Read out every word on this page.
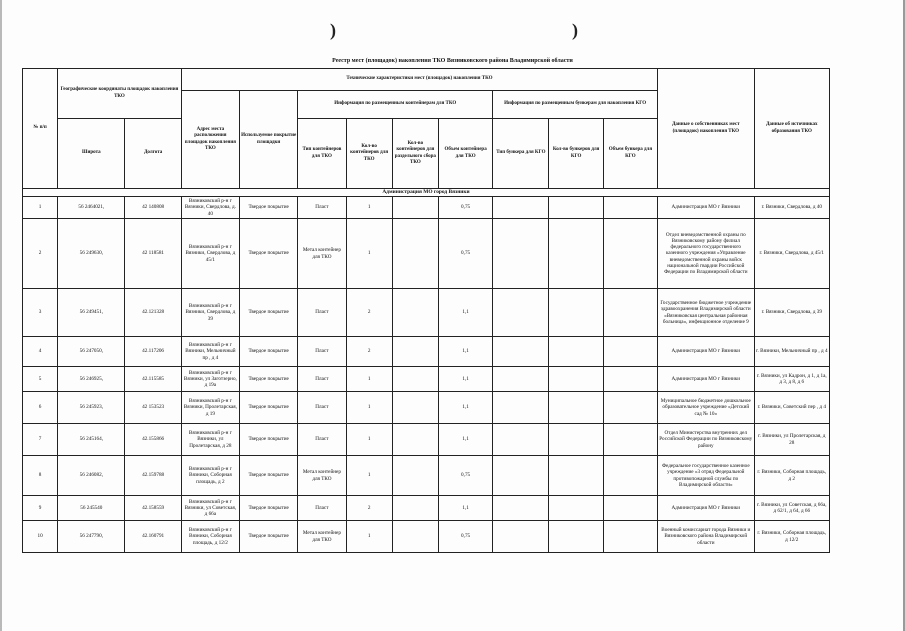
)	)
Реестр мест (площадок) накопления ТКО Вязниковского района Владимирской области
№ п/п	Географические координаты площадок накопления ТКО		Технические характеристики мест (площадок) накопления ТКО									Данные о собственниках мест (площадок) накопления ТКО	Данные об источниках образования ТКО
			Адрес места расположения площадок накопления ТКО	Используемое покрытие площадки	Информация по размещенным контейнерам для ТКО				Информация по размещенным бункерам для накопления КГО				
	Широта	Долгота			Тип контейнеров для ТКО	Кол-во контейнеров для ТКО	Кол-во контейнеров для раздельного сбора ТКО	Объем контейнера для ТКО	Тип бункера для КГО	Кол-во бункеров для КГО	Объем бункера для КГО		
Администрация МО город Вязники													
1	56 2464021,	42 140808	Вязниковский р-н г Вязники, Свердлова, д. 40	Твердое покрытие	Пласт	1		0,75				Администрация МО г Вязники	г. Вязники, Свердлова, д 40
2	56 249630,	42 118581	Вязниковский р-н г Вязники, Свердлова, д 45/1	Твердое покрытие	Метал контейнер для ТКО	1		0,75				Отдел вневедомственной охраны по Вязниковскому району филиал федерального государственного казенного учреждения «Управление вневедомственной охраны войск национальной гвардии Российской Федерации по Владимирской области	г. Вязники, Свердлова, д 45/1
3	56 249451,	42.121328	Вязниковский р-н г Вязники, Свердлова, д 39	Твердое покрытие	Пласт	2		1,1				Государственное бюджетное учреждение здравоохранения Владимирской области «Вязниковская центральная районная больница», инфекционное отделение 9	г. Вязники, Свердлова, д 39
4	56 247050,	42.117206	Вязниковский р-н г Вязники, Мельничный пр , д 4	Твердое покрытие	Пласт	2		1,1				Администрация МО г Вязники	г. Вязники, Мельничный пр , д 4
5	56 246925,	42.115585	Вязниковский р-н г Вязники, ул Заготзерно, д 19а	Твердое покрытие	Пласт	1		1,1				Администрация МО г Вязники	г. Вязники, ул Кадрон, д 1, д 1а, д 3, д 8, д 6
6	56 245923,	42 153523	Вязниковский р-н г Вязники, Пролетарская, д 19	Твердое покрытие	Пласт	1		1,1				Муниципальное бюджетное дошкольное образовательное учреждение «Детский сад № 10»	г. Вязники, Советский пер , д 4
7	56 245164,	42.155866	Вязниковский р-н г Вязники, ул Пролетарская, д 28	Твердое покрытие	Пласт	1		1,1				Отдел Министерства внутренних дел Российской Федерации по Вязниковскому району	г. Вязники, ул Пролетарская, д 28
8	56 246082,	42.159788	Вязниковский р-н г Вязники, Соборная площадь, д 2	Твердое покрытие	Метал контейнер для ТКО	1		0,75				Федеральное государственное казенное учреждение «3 отряд Федеральной противопожарной службы по Владимирской области»	г. Вязники, Соборная площадь, д 2
9	56 245540	42.158559	Вязниковский р-н г Вязники, ул Советская, д 66а	Твердое покрытие	Пласт	2		1,1				Администрация МО г Вязники	г. Вязники, ул Советская, д 66а, д 62/1, д 64, д 66
10	56 247790,	42.160791	Вязниковский р-н г Вязники, Соборная площадь, д 12/2	Твердое покрытие	Метал контейнер для ТКО	1		0,75				Военный комиссариат города Вязники и Вязниковского района Владимирской области	г. Вязники, Соборная площадь, д 12/2
